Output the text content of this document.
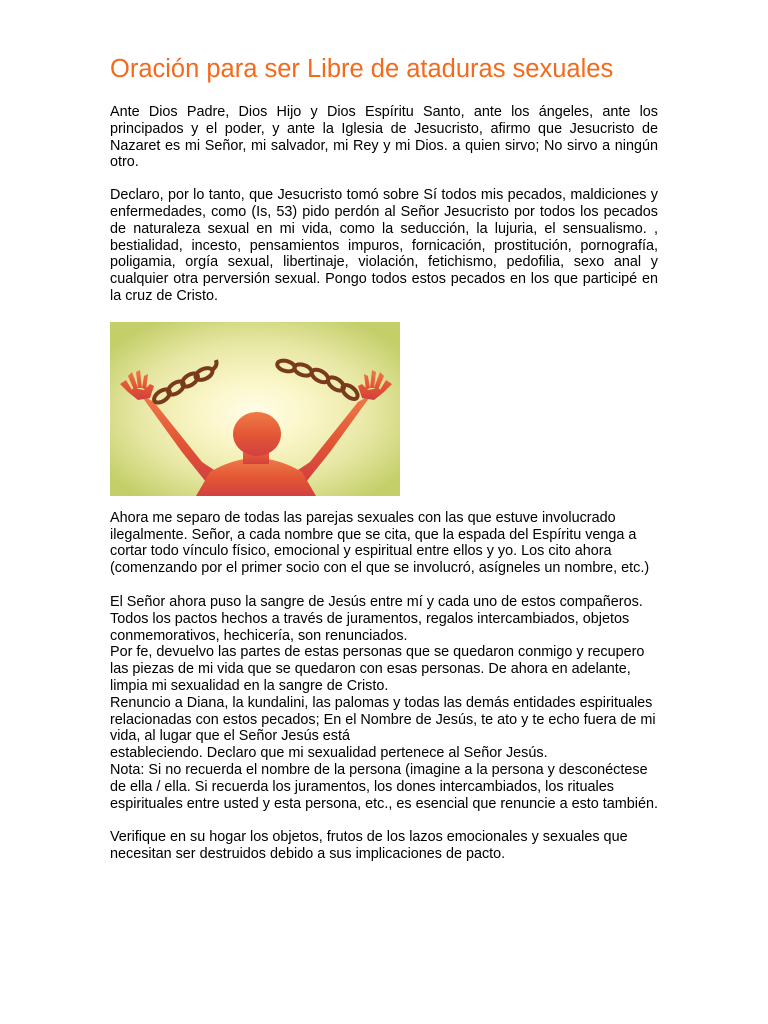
Oración para ser Libre de ataduras sexuales

Ante Dios Padre, Dios Hijo y Dios Espíritu Santo, ante los ángeles, ante los principados y el poder, y ante la Iglesia de Jesucristo, afirmo que Jesucristo de Nazaret es mi Señor, mi salvador, mi Rey y mi Dios. a quien sirvo; No sirvo a ningún otro.

Declaro, por lo tanto, que Jesucristo tomó sobre Sí todos mis pecados, maldiciones y enfermedades, como (Is, 53) pido perdón al Señor Jesucristo por todos los pecados de naturaleza sexual en mi vida, como la seducción, la lujuria, el sensualismo. , bestialidad, incesto, pensamientos impuros, fornicación, prostitución, pornografía, poligamia, orgía sexual, libertinaje, violación, fetichismo, pedofilia, sexo anal y cualquier otra perversión sexual. Pongo todos estos pecados en los que participé en la cruz de Cristo.

Ahora me separo de todas las parejas sexuales con las que estuve involucrado ilegalmente. Señor, a cada nombre que se cita, que la espada del Espíritu venga a cortar todo vínculo físico, emocional y espiritual entre ellos y yo. Los cito ahora (comenzando por el primer socio con el que se involucró, asígneles un nombre, etc.)

El Señor ahora puso la sangre de Jesús entre mí y cada uno de estos compañeros. Todos los pactos hechos a través de juramentos, regalos intercambiados, objetos conmemorativos, hechicería, son renunciados.
Por fe, devuelvo las partes de estas personas que se quedaron conmigo y recupero las piezas de mi vida que se quedaron con esas personas. De ahora en adelante, limpia mi sexualidad en la sangre de Cristo.
Renuncio a Diana, la kundalini, las palomas y todas las demás entidades espirituales relacionadas con estos pecados; En el Nombre de Jesús, te ato y te echo fuera de mi vida, al lugar que el Señor Jesús está
estableciendo. Declaro que mi sexualidad pertenece al Señor Jesús.
Nota: Si no recuerda el nombre de la persona (imagine a la persona y desconéctese de ella / ella. Si recuerda los juramentos, los dones intercambiados, los rituales espirituales entre usted y esta persona, etc., es esencial que renuncie a esto también.

Verifique en su hogar los objetos, frutos de los lazos emocionales y sexuales que necesitan ser destruidos debido a sus implicaciones de pacto.
